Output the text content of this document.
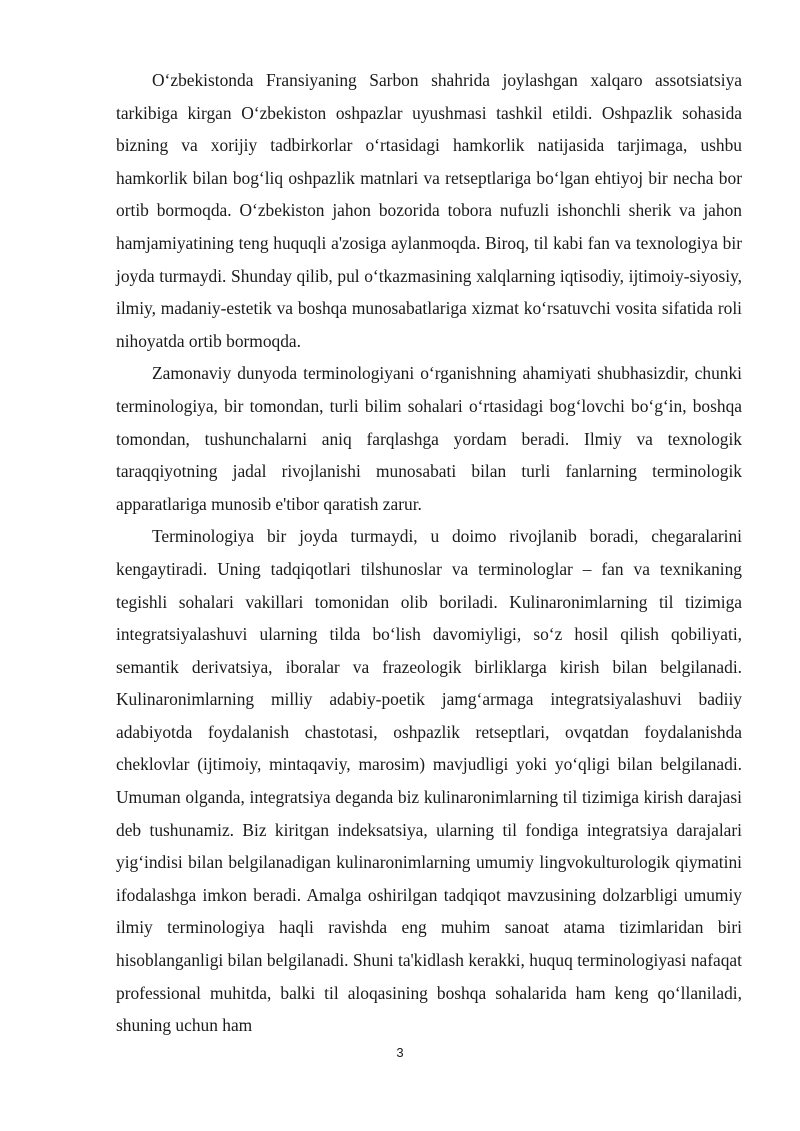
O‘zbekistonda Fransiyaning Sarbon shahrida joylashgan xalqaro assotsiatsiya tarkibiga kirgan O‘zbekiston oshpazlar uyushmasi tashkil etildi. Oshpazlik sohasida bizning va xorijiy tadbirkorlar o‘rtasidagi hamkorlik natijasida tarjimaga, ushbu hamkorlik bilan bog‘liq oshpazlik matnlari va retseptlariga bo‘lgan ehtiyoj bir necha bor ortib bormoqda. O‘zbekiston jahon bozorida tobora nufuzli ishonchli sherik va jahon hamjamiyatining teng huquqli a'zosiga aylanmoqda. Biroq, til kabi fan va texnologiya bir joyda turmaydi. Shunday qilib, pul o‘tkazmasining xalqlarning iqtisodiy, ijtimoiy-siyosiy, ilmiy, madaniy-estetik va boshqa munosabatlariga xizmat ko‘rsatuvchi vosita sifatida roli nihoyatda ortib bormoqda.

Zamonaviy dunyoda terminologiyani o‘rganishning ahamiyati shubhasizdir, chunki terminologiya, bir tomondan, turli bilim sohalari o‘rtasidagi bog‘lovchi bo‘g‘in, boshqa tomondan, tushunchalarni aniq farqlashga yordam beradi. Ilmiy va texnologik taraqqiyotning jadal rivojlanishi munosabati bilan turli fanlarning terminologik apparatlariga munosib e'tibor qaratish zarur.

Terminologiya bir joyda turmaydi, u doimo rivojlanib boradi, chegaralarini kengaytiradi. Uning tadqiqotlari tilshunoslar va terminologlar – fan va texnikaning tegishli sohalari vakillari tomonidan olib boriladi. Kulinaronimlarning til tizimiga integratsiyalashuvi ularning tilda bo‘lish davomiyligi, so‘z hosil qilish qobiliyati, semantik derivatsiya, iboralar va frazeologik birliklarga kirish bilan belgilanadi. Kulinaronimlarning milliy adabiy-poetik jamg‘armaga integratsiyalashuvi badiiy adabiyotda foydalanish chastotasi, oshpazlik retseptlari, ovqatdan foydalanishda cheklovlar (ijtimoiy, mintaqaviy, marosim) mavjudligi yoki yo‘qligi bilan belgilanadi. Umuman olganda, integratsiya deganda biz kulinaronimlarning til tizimiga kirish darajasi deb tushunamiz. Biz kiritgan indeksatsiya, ularning til fondiga integratsiya darajalari yig‘indisi bilan belgilanadigan kulinaronimlarning umumiy lingvokulturologik qiymatini ifodalashga imkon beradi. Amalga oshirilgan tadqiqot mavzusining dolzarbligi umumiy ilmiy terminologiya haqli ravishda eng muhim sanoat atama tizimlaridan biri hisoblanganligi bilan belgilanadi. Shuni ta'kidlash kerakki, huquq terminologiyasi nafaqat professional muhitda, balki til aloqasining boshqa sohalarida ham keng qo‘llaniladi, shuning uchun ham

3
